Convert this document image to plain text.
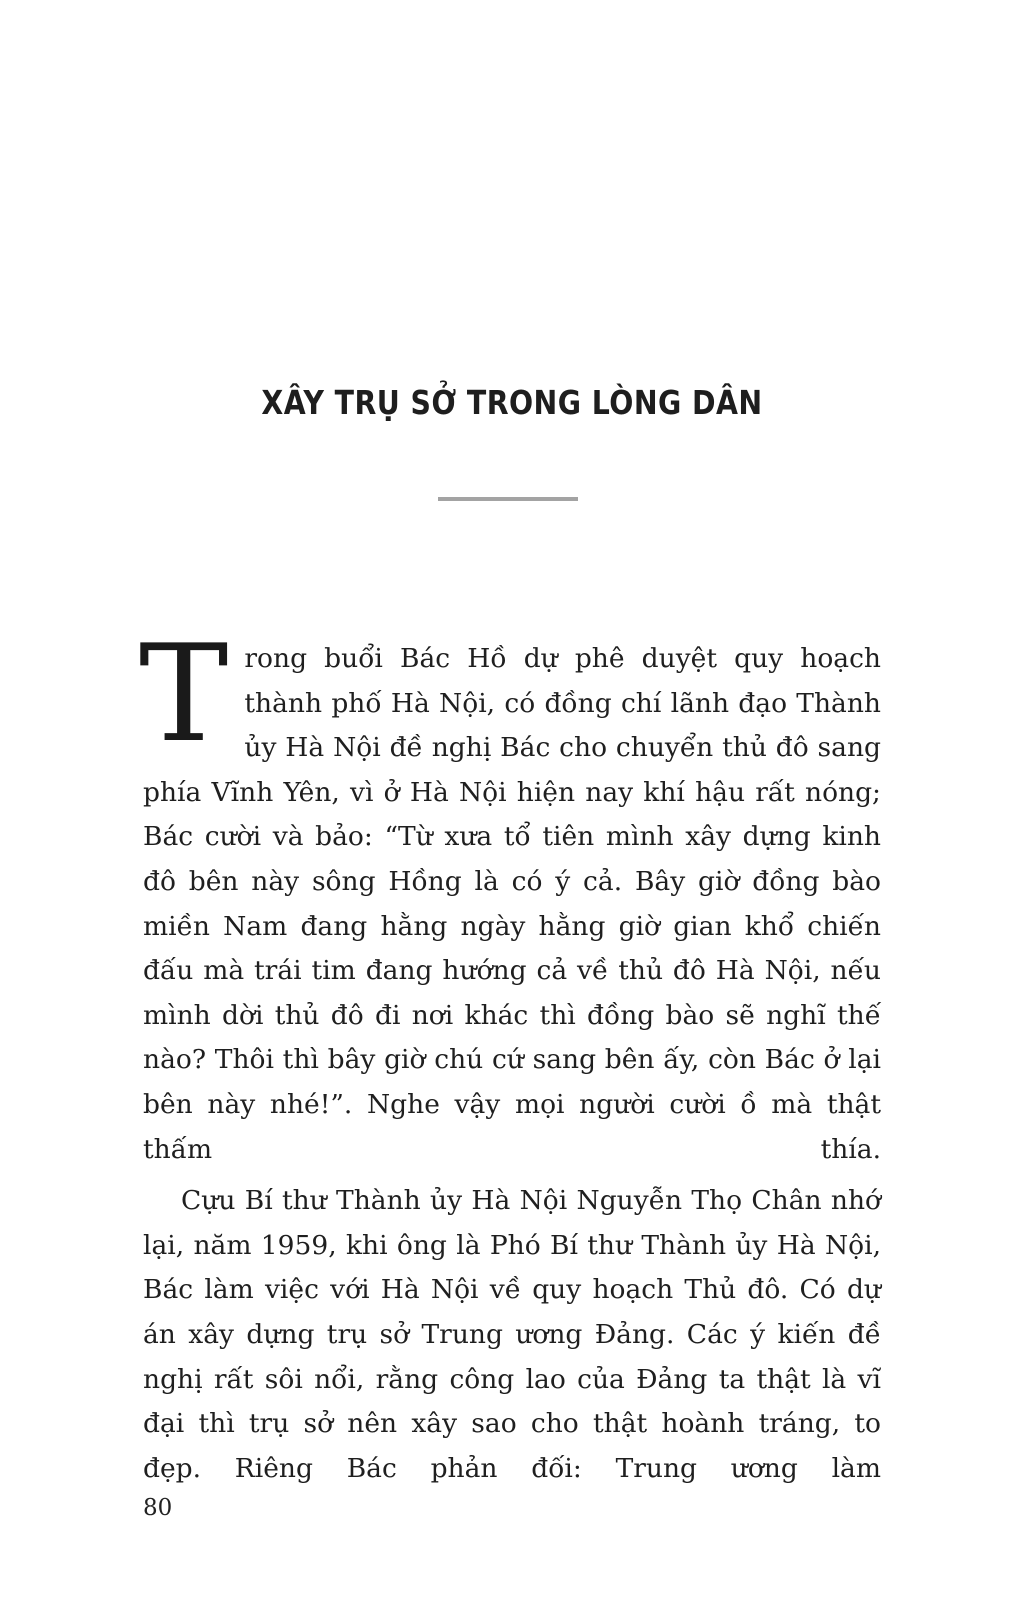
XÂY TRỤ SỞ TRONG LÒNG DÂN
Trong buổi Bác Hồ dự phê duyệt quy hoạch thành phố Hà Nội, có đồng chí lãnh đạo Thành ủy Hà Nội đề nghị Bác cho chuyển thủ đô sang phía Vĩnh Yên, vì ở Hà Nội hiện nay khí hậu rất nóng; Bác cười và bảo: “Từ xưa tổ tiên mình xây dựng kinh đô bên này sông Hồng là có ý cả. Bây giờ đồng bào miền Nam đang hằng ngày hằng giờ gian khổ chiến đấu mà trái tim đang hướng cả về thủ đô Hà Nội, nếu mình dời thủ đô đi nơi khác thì đồng bào sẽ nghĩ thế nào? Thôi thì bây giờ chú cứ sang bên ấy, còn Bác ở lại bên này nhé!”. Nghe vậy mọi người cười ồ mà thật thấm thía.
Cựu Bí thư Thành ủy Hà Nội Nguyễn Thọ Chân nhớ lại, năm 1959, khi ông là Phó Bí thư Thành ủy Hà Nội, Bác làm việc với Hà Nội về quy hoạch Thủ đô. Có dự án xây dựng trụ sở Trung ương Đảng. Các ý kiến đề nghị rất sôi nổi, rằng công lao của Đảng ta thật là vĩ đại thì trụ sở nên xây sao cho thật hoành tráng, to đẹp. Riêng Bác phản đối: Trung ương làm
80
